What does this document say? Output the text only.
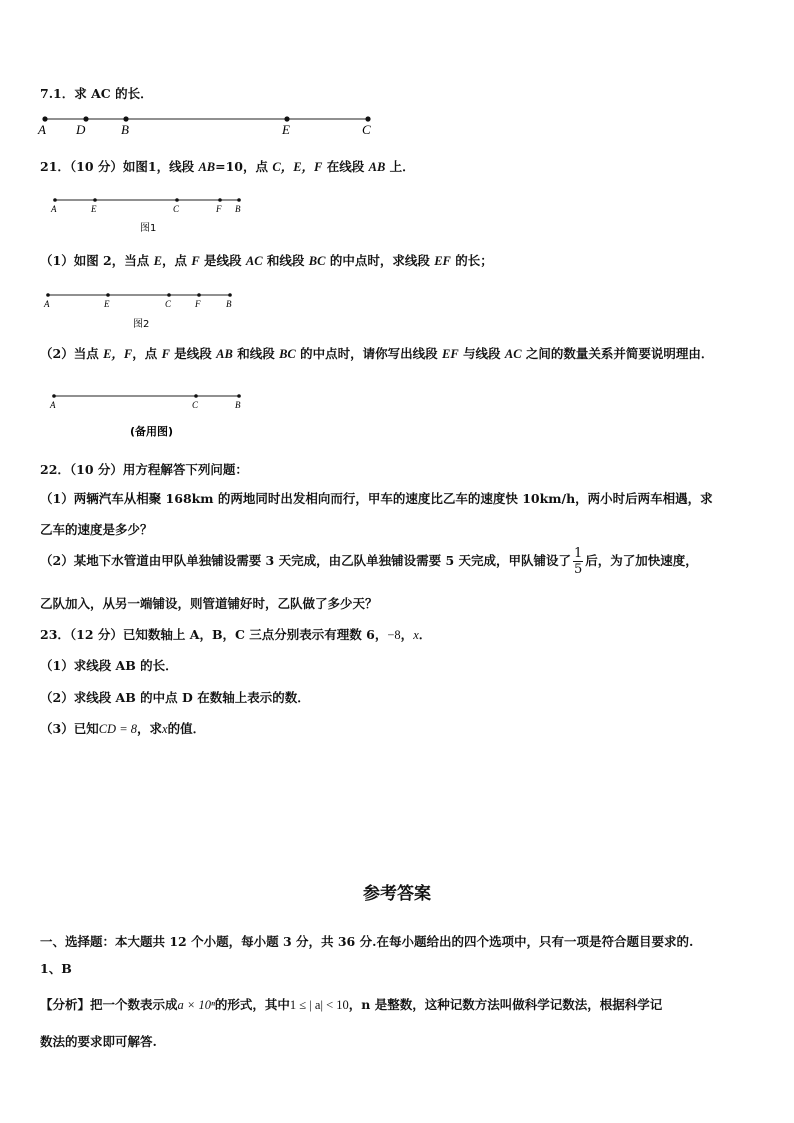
7.1．求 AC 的长．
A D	B	E	C
A	E	C	F B
图1
A	E	C	F	B
图2
A	C	B
(备用图)
21．（10 分）如图1，线段 AB=10，点 C，E，F 在线段 AB 上．
（1）如图 2，当点 E，点 F 是线段 AC 和线段 BC 的中点时，求线段 EF 的长；
（2）当点 E，F，点 F 是线段 AB 和线段 BC 的中点时，请你写出线段 EF 与线段 AC 之间的数量关系并简要说明理由．
22．（10 分）用方程解答下列问题：
（1）两辆汽车从相聚 168km 的两地同时出发相向而行，甲车的速度比乙车的速度快 10km/h，两小时后两车相遇，求
乙车的速度是多少？
（2）某地下水管道由甲队单独铺设需要 3 天完成，由乙队单独铺设需要 5 天完成，甲队铺设了 $\frac{1}{5}$ 后，为了加快速度，
乙队加入，从另一端铺设，则管道铺好时，乙队做了多少天？
23．（12 分）已知数轴上 A，B，C 三点分别表示有理数 6，−8，x．
（1）求线段 AB 的长．
（2）求线段 AB 的中点 D 在数轴上表示的数．
（3）已知CD = 8，求x的值．
参考答案
一、选择题：本大题共 12 个小题，每小题 3 分，共 36 分.在每小题给出的四个选项中，只有一项是符合题目要求的.
1、B
【分析】把一个数表示成a × 10ⁿ的形式，其中1 ≤ | a| < 10，n 是整数，这种记数方法叫做科学记数法，根据科学记
数法的要求即可解答.
